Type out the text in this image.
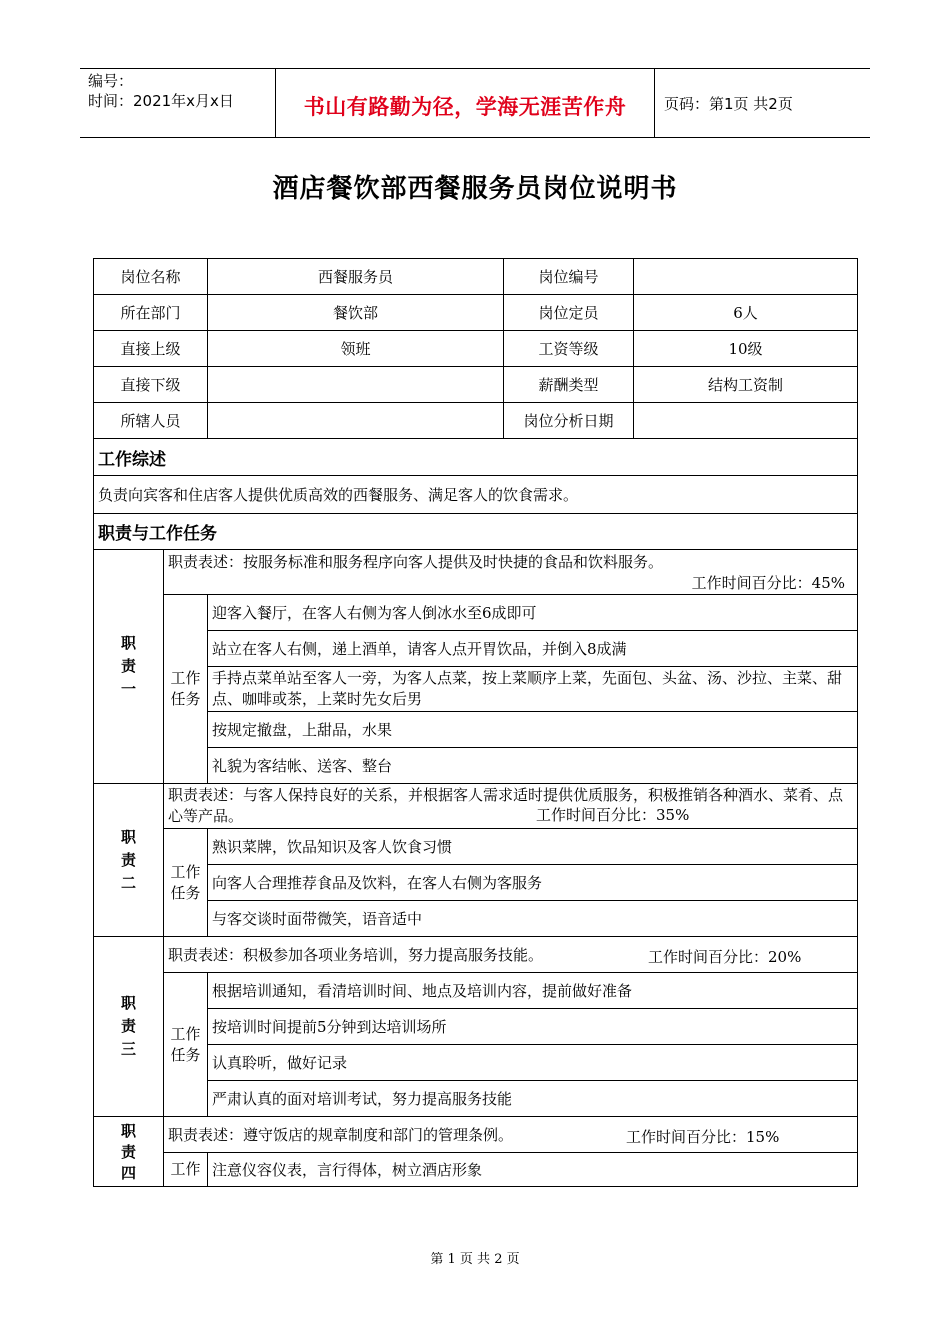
编号：
时间：2021年x月x日	书山有路勤为径，学海无涯苦作舟	页码：第1页 共2页
酒店餐饮部西餐服务员岗位说明书
岗位名称		西餐服务员	岗位编号	
所在部门		餐饮部	岗位定员	6人
直接上级		领班	工资等级	10级
直接下级			薪酬类型	结构工资制
所辖人员			岗位分析日期	
工作综述				
负责向宾客和住店客人提供优质高效的西餐服务、满足客人的饮食需求。				
职责与工作任务				

职责一	职责表述：按服务标准和服务程序向客人提供及时快捷的食品和饮料服务。
工作时间百分比：45%			

	工作任务	迎客入餐厅，在客人右侧为客人倒冰水至6成即可		
		站立在客人右侧，递上酒单，请客人点开胃饮品，并倒入8成满		
		手持点菜单站至客人一旁，为客人点菜，按上菜顺序上菜，先面包、头盆、汤、沙拉、主菜、甜点、咖啡或茶，上菜时先女后男		
		按规定撤盘，上甜品，水果		
		礼貌为客结帐、送客、整台		

职责二	职责表述：与客人保持良好的关系，并根据客人需求适时提供优质服务，积极推销各种酒水、菜肴、点心等产品。 工作时间百分比：35%			

	工作任务	熟识菜牌，饮品知识及客人饮食习惯		
		向客人合理推荐食品及饮料，在客人右侧为客服务		
		与客交谈时面带微笑，语音适中		

职责三	职责表述：积极参加各项业务培训，努力提高服务技能。 工作时间百分比：20%			

	工作任务	根据培训通知，看清培训时间、地点及培训内容，提前做好准备		
		按培训时间提前5分钟到达培训场所		
		认真聆听，做好记录		
		严肃认真的面对培训考试，努力提高服务技能		

职责四	职责表述：遵守饭店的规章制度和部门的管理条例。 工作时间百分比：15%			

	工作	注意仪容仪表，言行得体，树立酒店形象		
第 1 页 共 2 页
